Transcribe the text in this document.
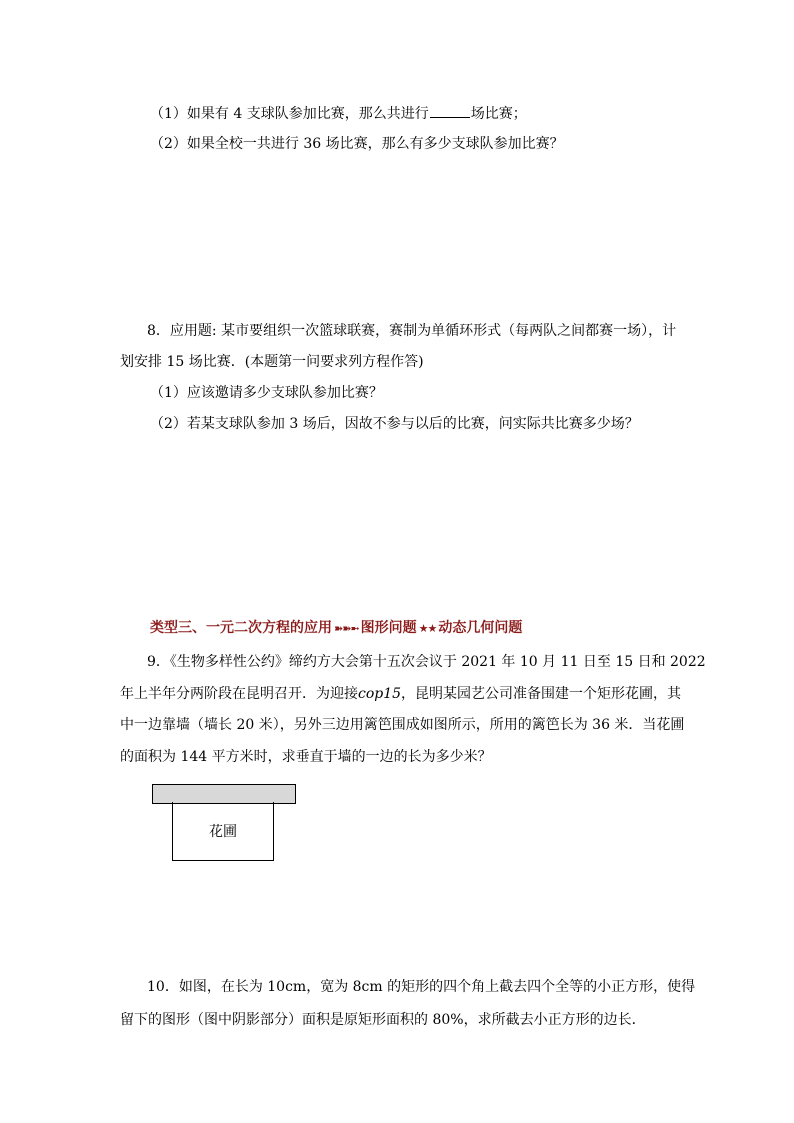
（1）如果有 4 支球队参加比赛，那么共进行	场比赛；
（2）如果全校一共进行 36 场比赛，那么有多少支球队参加比赛？
8．应用题: 某市要组织一次篮球联赛，赛制为单循环形式（每两队之间都赛一场），计
划安排 15 场比赛．(本题第一问要求列方程作答)
（1）应该邀请多少支球队参加比赛？
（2）若某支球队参加 3 场后，因故不参与以后的比赛，问实际共比赛多少场？
类型三、一元二次方程的应用 ➽➽➼ 图形问题 ★★ 动态几何问题
9．《生物多样性公约》缔约方大会第十五次会议于 2021 年 10 月 11 日至 15 日和 2022
年上半年分两阶段在昆明召开．为迎接cop15，昆明某园艺公司准备围建一个矩形花圃，其
中一边靠墙（墙长 20 米），另外三边用篱笆围成如图所示，所用的篱笆长为 36 米．当花圃
的面积为 144 平方米时，求垂直于墙的一边的长为多少米？
花圃
10．如图，在长为 10cm，宽为 8cm 的矩形的四个角上截去四个全等的小正方形，使得
留下的图形（图中阴影部分）面积是原矩形面积的 80%，求所截去小正方形的边长．
